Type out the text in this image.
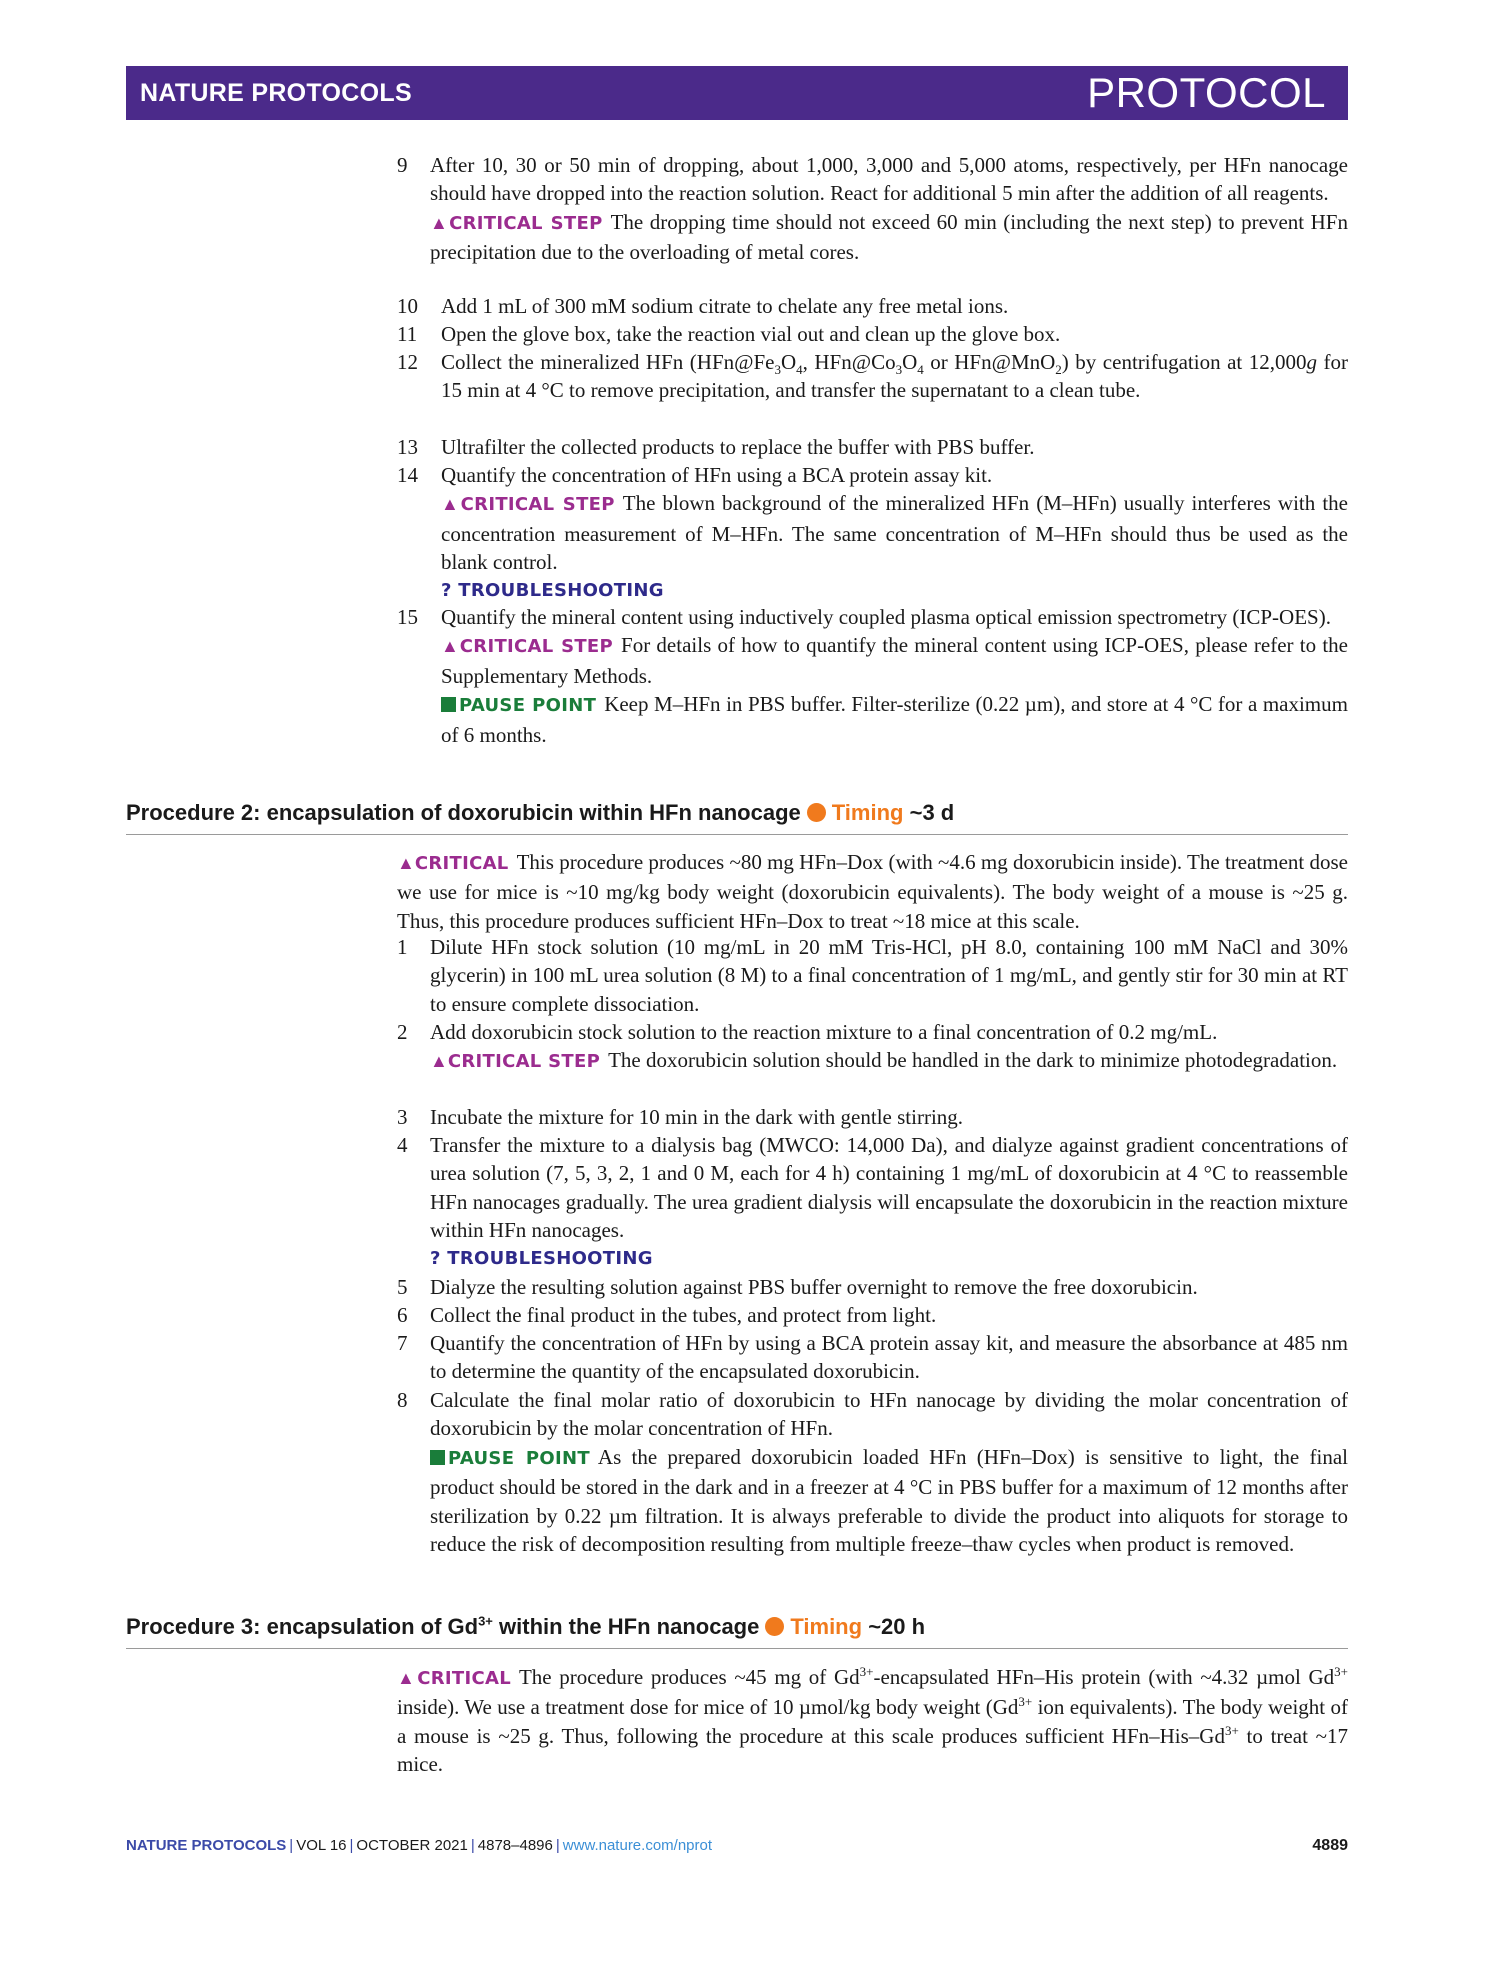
NATURE PROTOCOLS	PROTOCOL
9 After 10, 30 or 50 min of dropping, about 1,000, 3,000 and 5,000 atoms, respectively, per HFn nanocage should have dropped into the reaction solution. React for additional 5 min after the addition of all reagents.
▲CRITICAL STEP The dropping time should not exceed 60 min (including the next step) to prevent HFn precipitation due to the overloading of metal cores.
10 Add 1 mL of 300 mM sodium citrate to chelate any free metal ions.
11 Open the glove box, take the reaction vial out and clean up the glove box.
12 Collect the mineralized HFn ($HFn@Fe_3O_4$, $HFn@Co_3O_4$ or HFn@MnO$_2$) by centrifugation at 12,000g for 15 min at 4 °C to remove precipitation, and transfer the supernatant to a clean tube.
13 Ultrafilter the collected products to replace the buffer with PBS buffer.
14 Quantify the concentration of HFn using a BCA protein assay kit.
▲CRITICAL STEP The blown background of the mineralized HFn (M–HFn) usually interferes with the concentration measurement of M–HFn. The same concentration of M–HFn should thus be used as the blank control.
? TROUBLESHOOTING
15 Quantify the mineral content using inductively coupled plasma optical emission spectrometry (ICP-OES).
▲CRITICAL STEP For details of how to quantify the mineral content using ICP-OES, please refer to the Supplementary Methods.
PAUSE POINT Keep M–HFn in PBS buffer. Filter-sterilize (0.22 µm), and store at 4 °C for a maximum of 6 months.
Procedure 2: encapsulation of doxorubicin within HFn nanocage Timing ~3 d
▲CRITICAL This procedure produces ~80 mg HFn–Dox (with ~4.6 mg doxorubicin inside). The treatment dose we use for mice is ~10 mg/kg body weight (doxorubicin equivalents). The body weight of a mouse is ~25 g. Thus, this procedure produces sufficient HFn–Dox to treat ~18 mice at this scale.
1 Dilute HFn stock solution (10 mg/mL in 20 mM Tris-HCl, pH 8.0, containing 100 mM NaCl and 30% glycerin) in 100 mL urea solution (8 M) to a final concentration of 1 mg/mL, and gently stir for 30 min at RT to ensure complete dissociation.
2 Add doxorubicin stock solution to the reaction mixture to a final concentration of 0.2 mg/mL.
▲CRITICAL STEP The doxorubicin solution should be handled in the dark to minimize photodegradation.
3 Incubate the mixture for 10 min in the dark with gentle stirring.
4 Transfer the mixture to a dialysis bag (MWCO: 14,000 Da), and dialyze against gradient concentrations of urea solution (7, 5, 3, 2, 1 and 0 M, each for 4 h) containing 1 mg/mL of doxorubicin at 4 °C to reassemble HFn nanocages gradually. The urea gradient dialysis will encapsulate the doxorubicin in the reaction mixture within HFn nanocages.
? TROUBLESHOOTING
5 Dialyze the resulting solution against PBS buffer overnight to remove the free doxorubicin.
6 Collect the final product in the tubes, and protect from light.
7 Quantify the concentration of HFn by using a BCA protein assay kit, and measure the absorbance at 485 nm to determine the quantity of the encapsulated doxorubicin.
8 Calculate the final molar ratio of doxorubicin to HFn nanocage by dividing the molar concentration of doxorubicin by the molar concentration of HFn.
PAUSE POINT As the prepared doxorubicin loaded HFn (HFn–Dox) is sensitive to light, the final product should be stored in the dark and in a freezer at 4 °C in PBS buffer for a maximum of 12 months after sterilization by 0.22 µm filtration. It is always preferable to divide the product into aliquots for storage to reduce the risk of decomposition resulting from multiple freeze–thaw cycles when product is removed.
Procedure 3: encapsulation of $Gd^{3+}$ within the HFn nanocage Timing ~20 h
▲CRITICAL The procedure produces ~45 mg of $Gd^{3+}$-encapsulated HFn–His protein (with ~4.32 µmol $Gd^{3+}$ inside). We use a treatment dose for mice of 10 µmol/kg body weight ($Gd^{3+}$ ion equivalents). The body weight of a mouse is ~25 g. Thus, following the procedure at this scale produces sufficient HFn–$His-Gd^{3+}$ to treat ~17 mice.
NATURE PROTOCOLS | VOL 16 | OCTOBER 2021 | 4878–4896 | www.nature.com/nprot	4889
